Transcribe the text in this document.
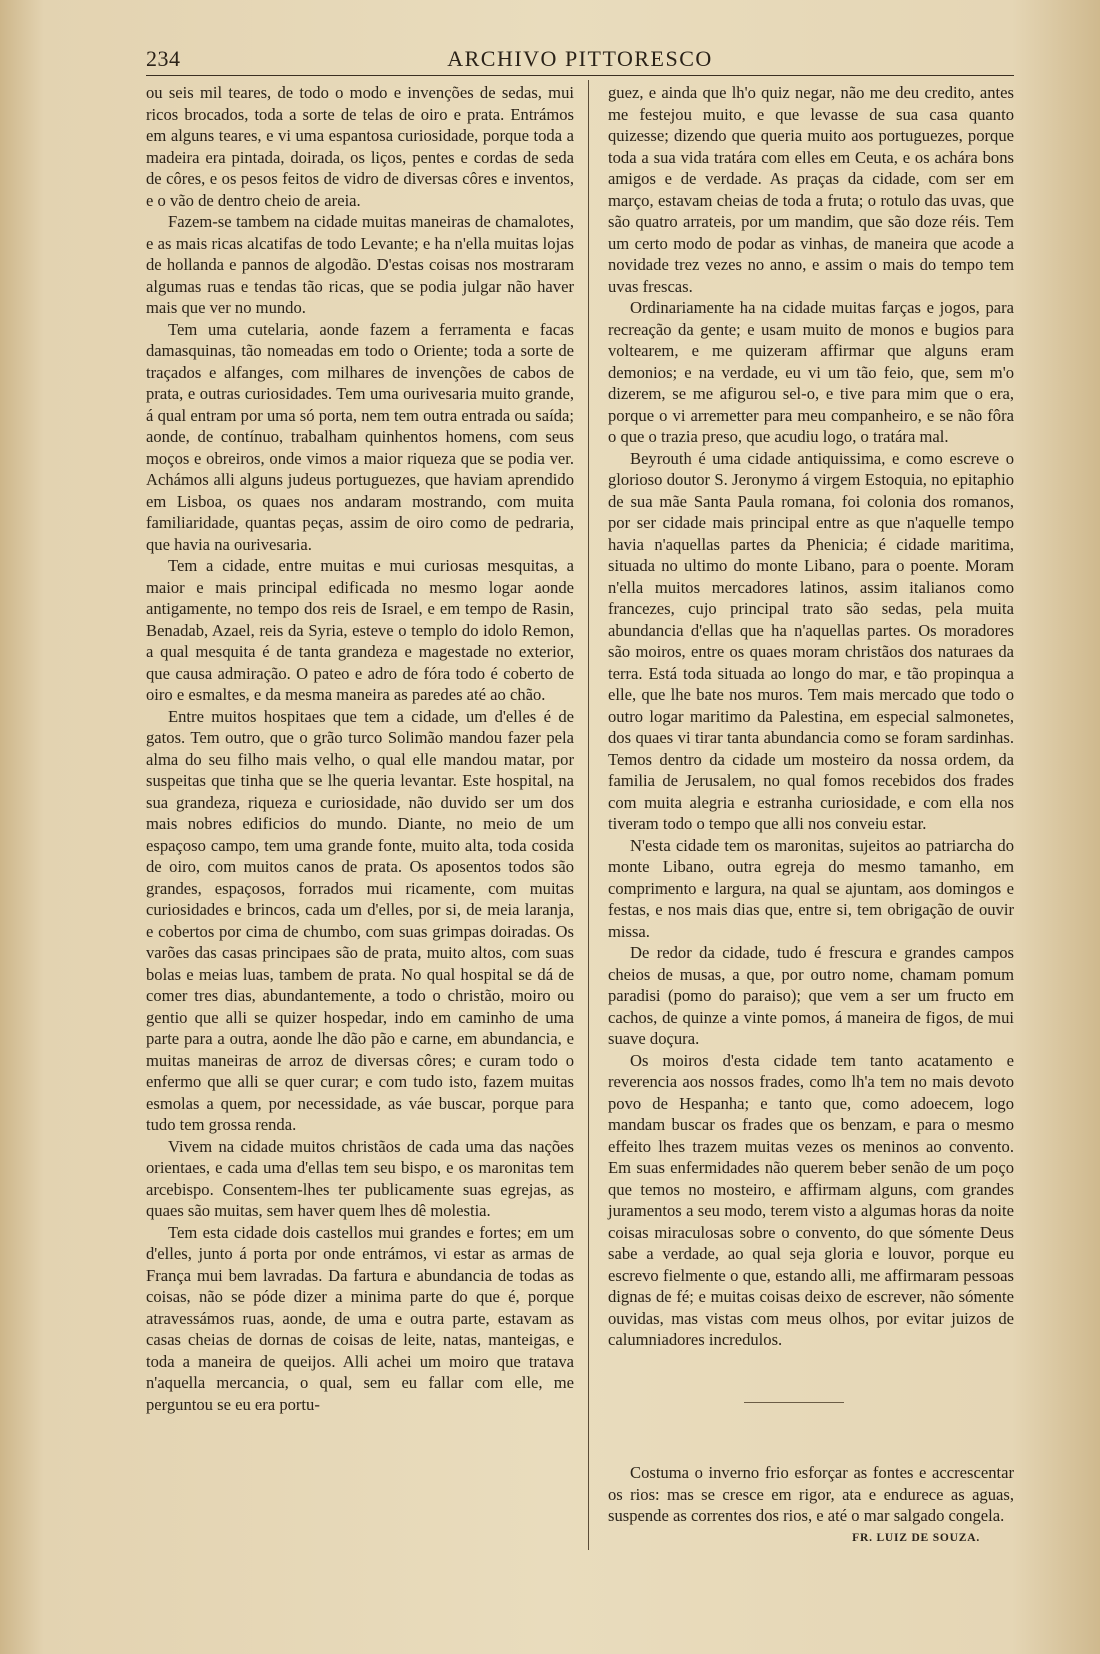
234	ARCHIVO PITTORESCO

ou seis mil teares, de todo o modo e invenções de sedas, mui ricos brocados, toda a sorte de telas de oiro e prata. Entrámos em alguns teares, e vi uma espantosa curiosidade, porque toda a madeira era pintada, doirada, os liços, pentes e cordas de seda de côres, e os pesos feitos de vidro de diversas côres e inventos, e o vão de dentro cheio de areia.

Fazem-se tambem na cidade muitas maneiras de chamalotes, e as mais ricas alcatifas de todo Levante; e ha n'ella muitas lojas de hollanda e pannos de algodão. D'estas coisas nos mostraram algumas ruas e tendas tão ricas, que se podia julgar não haver mais que ver no mundo.

Tem uma cutelaria, aonde fazem a ferramenta e facas damasquinas, tão nomeadas em todo o Oriente; toda a sorte de traçados e alfanges, com milhares de invenções de cabos de prata, e outras curiosidades. Tem uma ourivesaria muito grande, á qual entram por uma só porta, nem tem outra entrada ou saída; aonde, de contínuo, trabalham quinhentos homens, com seus moços e obreiros, onde vimos a maior riqueza que se podia ver. Achámos alli alguns judeus portuguezes, que haviam aprendido em Lisboa, os quaes nos andaram mostrando, com muita familiaridade, quantas peças, assim de oiro como de pedraria, que havia na ourivesaria.

Tem a cidade, entre muitas e mui curiosas mesquitas, a maior e mais principal edificada no mesmo logar aonde antigamente, no tempo dos reis de Israel, e em tempo de Rasin, Benadab, Azael, reis da Syria, esteve o templo do idolo Remon, a qual mesquita é de tanta grandeza e magestade no exterior, que causa admiração. O pateo e adro de fóra todo é coberto de oiro e esmaltes, e da mesma maneira as paredes até ao chão.

Entre muitos hospitaes que tem a cidade, um d'elles é de gatos. Tem outro, que o grão turco Solimão mandou fazer pela alma do seu filho mais velho, o qual elle mandou matar, por suspeitas que tinha que se lhe queria levantar. Este hospital, na sua grandeza, riqueza e curiosidade, não duvido ser um dos mais nobres edificios do mundo. Diante, no meio de um espaçoso campo, tem uma grande fonte, muito alta, toda cosida de oiro, com muitos canos de prata. Os aposentos todos são grandes, espaçosos, forrados mui ricamente, com muitas curiosidades e brincos, cada um d'elles, por si, de meia laranja, e cobertos por cima de chumbo, com suas grimpas doiradas. Os varões das casas principaes são de prata, muito altos, com suas bolas e meias luas, tambem de prata. No qual hospital se dá de comer tres dias, abundantemente, a todo o christão, moiro ou gentio que alli se quizer hospedar, indo em caminho de uma parte para a outra, aonde lhe dão pão e carne, em abundancia, e muitas maneiras de arroz de diversas côres; e curam todo o enfermo que alli se quer curar; e com tudo isto, fazem muitas esmolas a quem, por necessidade, as váe buscar, porque para tudo tem grossa renda.

Vivem na cidade muitos christãos de cada uma das nações orientaes, e cada uma d'ellas tem seu bispo, e os maronitas tem arcebispo. Consentem-lhes ter publicamente suas egrejas, as quaes são muitas, sem haver quem lhes dê molestia.

Tem esta cidade dois castellos mui grandes e fortes; em um d'elles, junto á porta por onde entrámos, vi estar as armas de França mui bem lavradas. Da fartura e abundancia de todas as coisas, não se póde dizer a minima parte do que é, porque atravessámos ruas, aonde, de uma e outra parte, estavam as casas cheias de dornas de coisas de leite, natas, manteigas, e toda a maneira de queijos. Alli achei um moiro que tratava n'aquella mercancia, o qual, sem eu fallar com elle, me perguntou se eu era portu-

guez, e ainda que lh'o quiz negar, não me deu credito, antes me festejou muito, e que levasse de sua casa quanto quizesse; dizendo que queria muito aos portuguezes, porque toda a sua vida tratára com elles em Ceuta, e os achára bons amigos e de verdade. As praças da cidade, com ser em março, estavam cheias de toda a fruta; o rotulo das uvas, que são quatro arrateis, por um mandim, que são doze réis. Tem um certo modo de podar as vinhas, de maneira que acode a novidade trez vezes no anno, e assim o mais do tempo tem uvas frescas.

Ordinariamente ha na cidade muitas farças e jogos, para recreação da gente; e usam muito de monos e bugios para voltearem, e me quizeram affirmar que alguns eram demonios; e na verdade, eu vi um tão feio, que, sem m'o dizerem, se me afigurou sel-o, e tive para mim que o era, porque o vi arremetter para meu companheiro, e se não fôra o que o trazia preso, que acudiu logo, o tratára mal.

Beyrouth é uma cidade antiquissima, e como escreve o glorioso doutor S. Jeronymo á virgem Estoquia, no epitaphio de sua mãe Santa Paula romana, foi colonia dos romanos, por ser cidade mais principal entre as que n'aquelle tempo havia n'aquellas partes da Phenicia; é cidade maritima, situada no ultimo do monte Libano, para o poente. Moram n'ella muitos mercadores latinos, assim italianos como francezes, cujo principal trato são sedas, pela muita abundancia d'ellas que ha n'aquellas partes. Os moradores são moiros, entre os quaes moram christãos dos naturaes da terra. Está toda situada ao longo do mar, e tão propinqua a elle, que lhe bate nos muros. Tem mais mercado que todo o outro logar maritimo da Palestina, em especial salmonetes, dos quaes vi tirar tanta abundancia como se foram sardinhas. Temos dentro da cidade um mosteiro da nossa ordem, da familia de Jerusalem, no qual fomos recebidos dos frades com muita alegria e estranha curiosidade, e com ella nos tiveram todo o tempo que alli nos conveiu estar.

N'esta cidade tem os maronitas, sujeitos ao patriarcha do monte Libano, outra egreja do mesmo tamanho, em comprimento e largura, na qual se ajuntam, aos domingos e festas, e nos mais dias que, entre si, tem obrigação de ouvir missa.

De redor da cidade, tudo é frescura e grandes campos cheios de musas, a que, por outro nome, chamam pomum paradisi (pomo do paraiso); que vem a ser um fructo em cachos, de quinze a vinte pomos, á maneira de figos, de mui suave doçura.

Os moiros d'esta cidade tem tanto acatamento e reverencia aos nossos frades, como lh'a tem no mais devoto povo de Hespanha; e tanto que, como adoecem, logo mandam buscar os frades que os benzam, e para o mesmo effeito lhes trazem muitas vezes os meninos ao convento. Em suas enfermidades não querem beber senão de um poço que temos no mosteiro, e affirmam alguns, com grandes juramentos a seu modo, terem visto a algumas horas da noite coisas miraculosas sobre o convento, do que sómente Deus sabe a verdade, ao qual seja gloria e louvor, porque eu escrevo fielmente o que, estando alli, me affirmaram pessoas dignas de fé; e muitas coisas deixo de escrever, não sómente ouvidas, mas vistas com meus olhos, por evitar juizos de calumniadores incredulos.

Costuma o inverno frio esforçar as fontes e accrescentar os rios: mas se cresce em rigor, ata e endurece as aguas, suspende as correntes dos rios, e até o mar salgado congela.

FR. LUIZ DE SOUZA.
